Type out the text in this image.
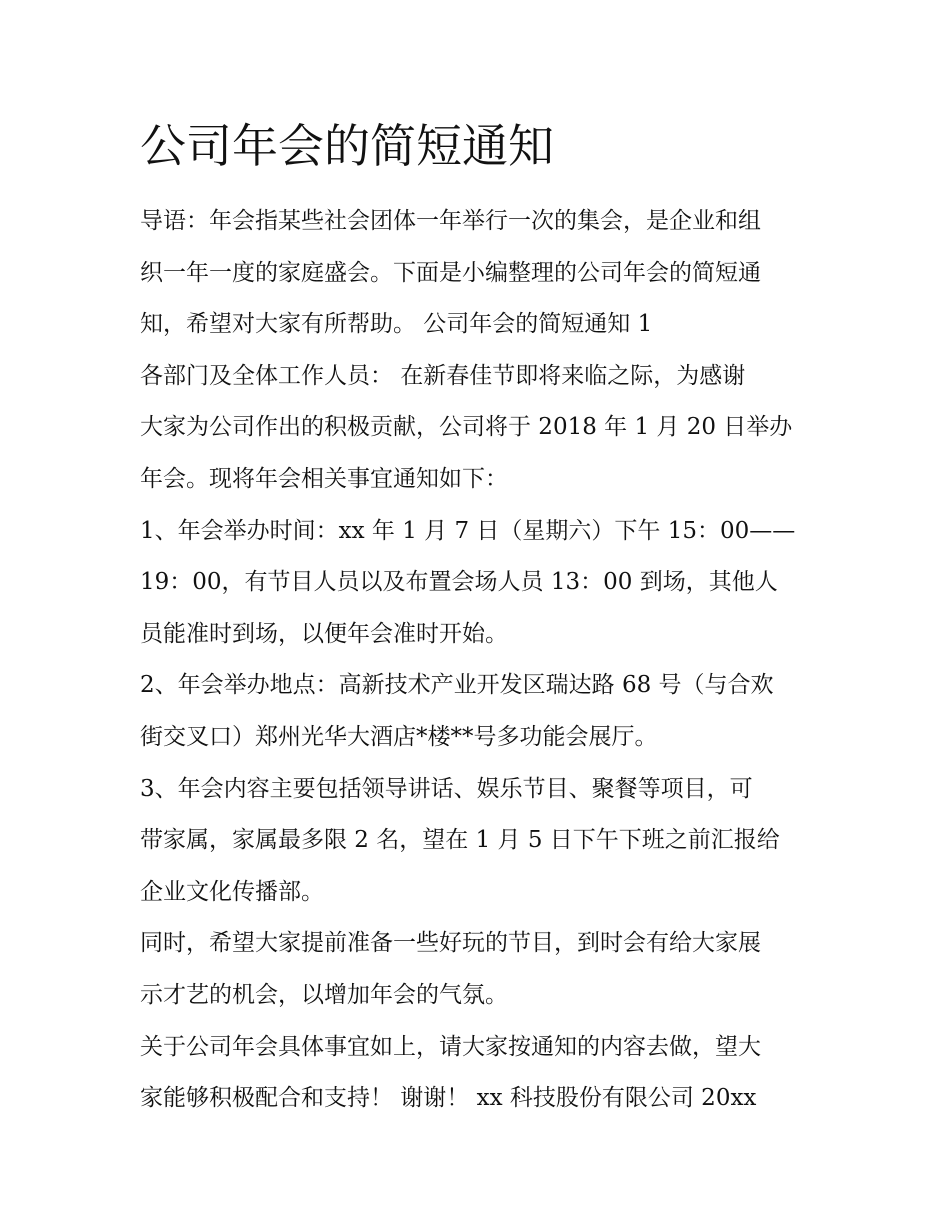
公司年会的简短通知
导语：年会指某些社会团体一年举行一次的集会，是企业和组
织一年一度的家庭盛会。下面是小编整理的公司年会的简短通
知，希望对大家有所帮助。 公司年会的简短通知 1
各部门及全体工作人员： 在新春佳节即将来临之际，为感谢
大家为公司作出的积极贡献，公司将于 2018 年 1 月 20 日举办
年会。现将年会相关事宜通知如下：
1、年会举办时间：xx 年 1 月 7 日（星期六）下午 15：00——
19：00，有节目人员以及布置会场人员 13：00 到场，其他人
员能准时到场，以便年会准时开始。
2、年会举办地点：高新技术产业开发区瑞达路 68 号（与合欢
街交叉口）郑州光华大酒店*楼**号多功能会展厅。
3、年会内容主要包括领导讲话、娱乐节目、聚餐等项目，可
带家属，家属最多限 2 名，望在 1 月 5 日下午下班之前汇报给
企业文化传播部。
同时，希望大家提前准备一些好玩的节目，到时会有给大家展
示才艺的机会，以增加年会的气氛。
关于公司年会具体事宜如上，请大家按通知的内容去做，望大
家能够积极配合和支持！ 谢谢！ xx 科技股份有限公司 20xx
